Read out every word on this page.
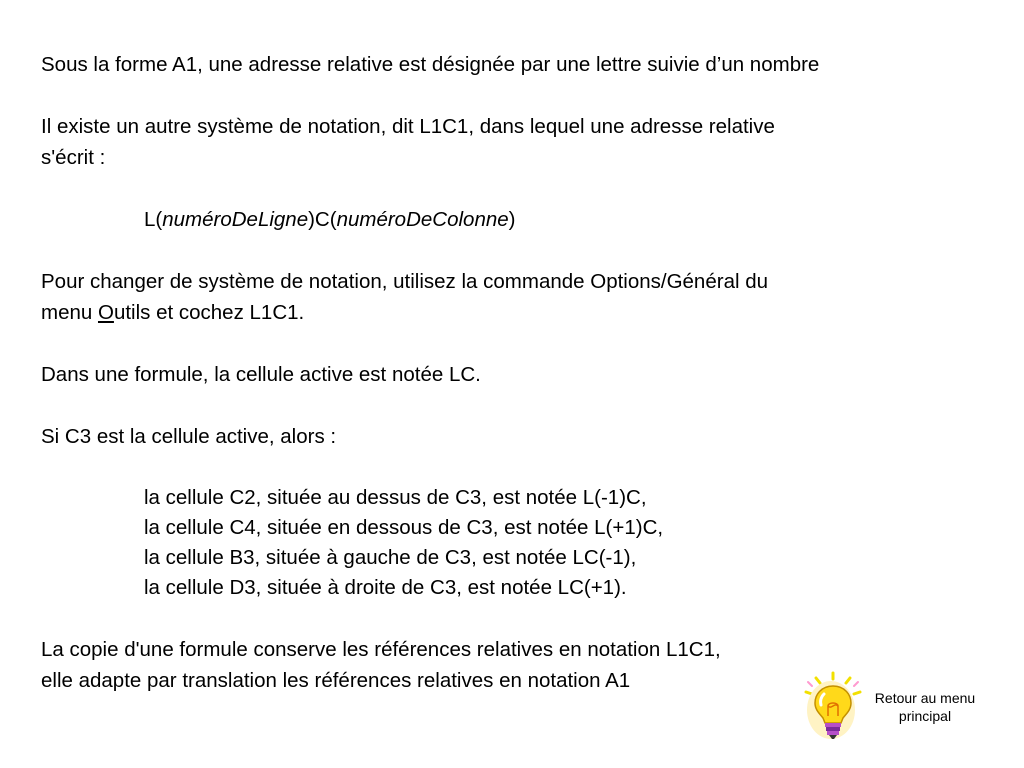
Sous la forme A1, une adresse relative est désignée par une lettre suivie d’un nombre
Il existe un autre système de notation, dit L1C1, dans lequel une adresse relative
s'écrit :
L(numéroDeLigne)C(numéroDeColonne)
Pour changer de système de notation, utilisez la commande Options/Général du
menu Outils et cochez L1C1.
Dans une formule, la cellule active est notée LC.
Si C3 est la cellule active, alors :
la cellule C2, située au dessus de C3, est notée L(-1)C,
la cellule C4, située en dessous de C3, est notée L(+1)C,
la cellule B3, située à gauche de C3, est notée LC(-1),
la cellule D3, située à droite de C3, est notée LC(+1).
La copie d'une formule conserve les références relatives en notation L1C1,
elle adapte par translation les références relatives en notation A1
Retour au menu
principal
